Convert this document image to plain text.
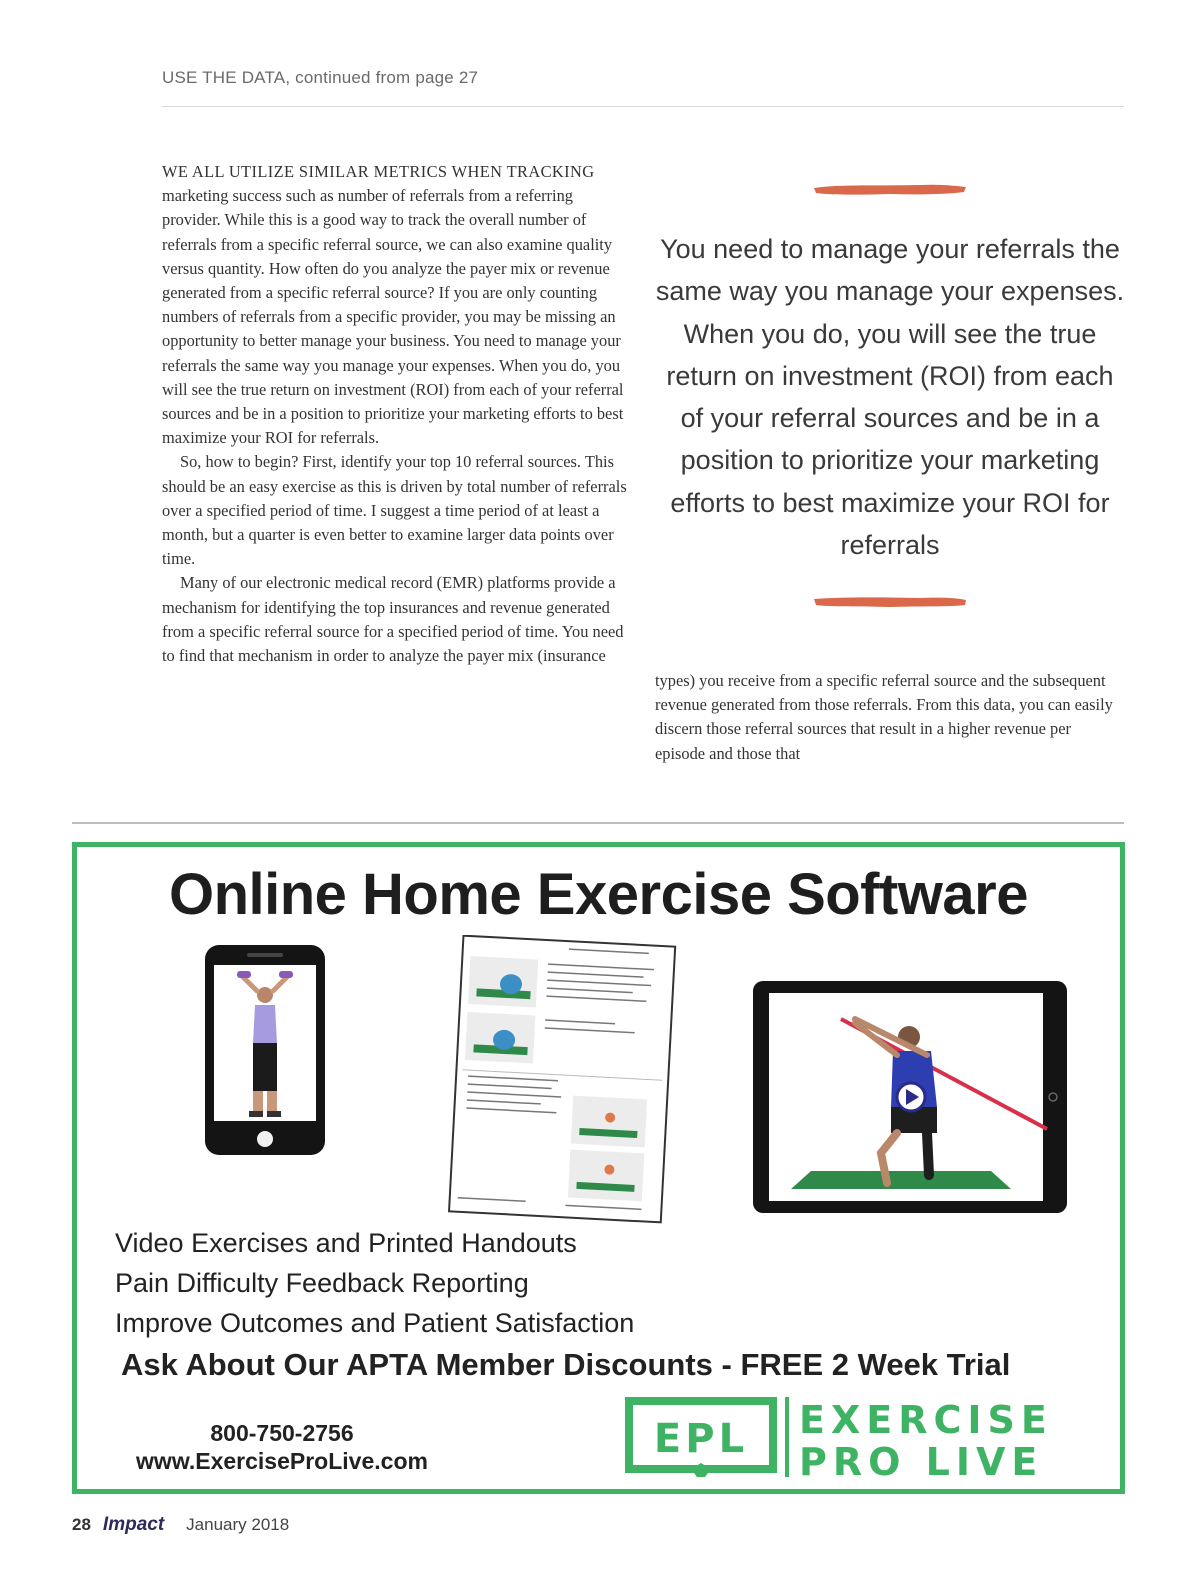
USE THE DATA, continued from page 27

WE ALL UTILIZE SIMILAR METRICS WHEN TRACKING marketing success such as number of referrals from a referring provider. While this is a good way to track the overall number of referrals from a specific referral source, we can also examine quality versus quantity. How often do you analyze the payer mix or revenue generated from a specific referral source? If you are only counting numbers of referrals from a specific provider, you may be missing an opportunity to better manage your business. You need to manage your referrals the same way you manage your expenses. When you do, you will see the true return on investment (ROI) from each of your referral sources and be in a position to prioritize your marketing efforts to best maximize your ROI for referrals.

So, how to begin? First, identify your top 10 referral sources. This should be an easy exercise as this is driven by total number of referrals over a specified period of time. I suggest a time period of at least a month, but a quarter is even better to examine larger data points over time.

Many of our electronic medical record (EMR) platforms provide a mechanism for identifying the top insurances and revenue generated from a specific referral source for a specified period of time. You need to find that mechanism in order to analyze the payer mix (insurance

You need to manage your referrals the same way you manage your expenses. When you do, you will see the true return on investment (ROI) from each of your referral sources and be in a position to prioritize your marketing efforts to best maximize your ROI for referrals

types) you receive from a specific referral source and the subsequent revenue generated from those referrals. From this data, you can easily discern those referral sources that result in a higher revenue per episode and those that

Online Home Exercise Software
Video Exercises and Printed Handouts
Pain Difficulty Feedback Reporting
Improve Outcomes and Patient Satisfaction
Ask About Our APTA Member Discounts - FREE 2 Week Trial
800-750-2756
www.ExerciseProLive.com	EPL EXERCISE
PRO LIVE
28 Impact January 2018
